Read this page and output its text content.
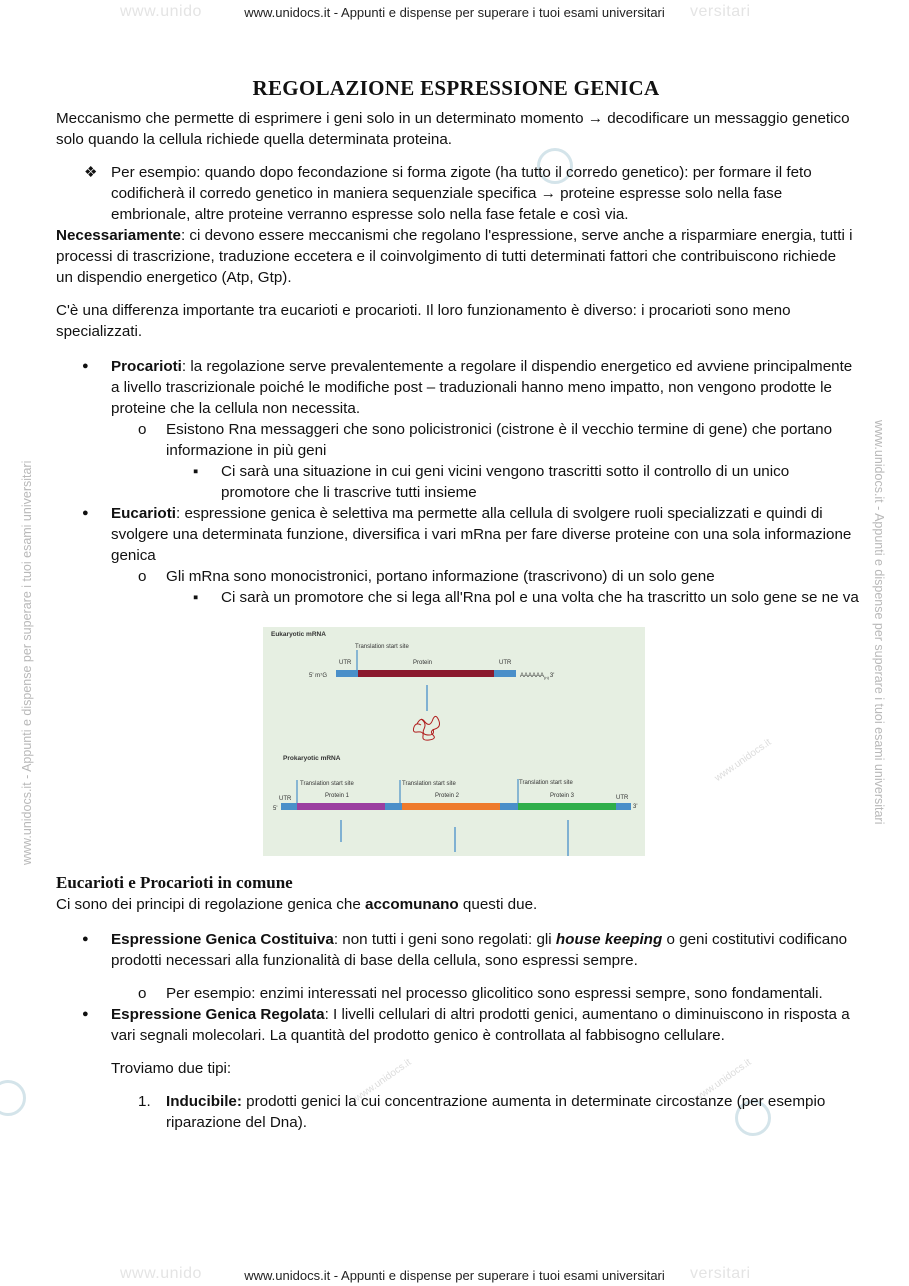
www.unido	versitari
www.unidocs.it - Appunti e dispense per superare i tuoi esami universitari
www.unido	versitari
www.unidocs.it - Appunti e dispense per superare i tuoi esami universitari
www.unidocs.it - Appunti e dispense per superare i tuoi esami universitari	www.unidocs.it - Appunti e dispense per superare i tuoi esami universitari
www.unidocs.it
www.unidocs.it
www.unidocs.it
REGOLAZIONE ESPRESSIONE GENICA

Meccanismo che permette di esprimere i geni solo in un determinato momento → decodificare un messaggio genetico solo quando la cellula richiede quella determinata proteina.

❖ Per esempio: quando dopo fecondazione si forma zigote (ha tutto il corredo genetico): per formare il feto codificherà il corredo genetico in maniera sequenziale specifica → proteine espresse solo nella fase embrionale, altre proteine verranno espresse solo nella fase fetale e così via.

Necessariamente: ci devono essere meccanismi che regolano l'espressione, serve anche a risparmiare energia, tutti i processi di trascrizione, traduzione eccetera e il coinvolgimento di tutti determinati fattori che contribuiscono richiede un dispendio energetico (Atp, Gtp).

C'è una differenza importante tra eucarioti e procarioti. Il loro funzionamento è diverso: i procarioti sono meno specializzati.

● Procarioti: la regolazione serve prevalentemente a regolare il dispendio energetico ed avviene principalmente a livello trascrizionale poiché le modifiche post – traduzionali hanno meno impatto, non vengono prodotte le proteine che la cellula non necessita.
o Esistono Rna messaggeri che sono policistronici (cistrone è il vecchio termine di gene) che portano informazione in più geni
▪ Ci sarà una situazione in cui geni vicini vengono trascritti sotto il controllo di un unico promotore che li trascrive tutti insieme
● Eucarioti: espressione genica è selettiva ma permette alla cellula di svolgere ruoli specializzati e quindi di svolgere una determinata funzione, diversifica i vari mRna per fare diverse proteine con una sola informazione genica
o Gli mRna sono monocistronici, portano informazione (trascrivono) di un solo gene
▪ Ci sarà un promotore che si lega all'Rna pol e una volta che ha trascritto un solo gene se ne va
Eukaryotic mRNA
Translation start site
UTR	Protein	UTR
5' m⁷G	$AAAAAA_{(n)}3'$
Prokaryotic mRNA
Translation start site	Translation start site	Translation start site
UTR	Protein 1	Protein 2	Protein 3	UTR
5'	3'
Eucarioti e Procarioti in comune

Ci sono dei principi di regolazione genica che accomunano questi due.

● Espressione Genica Costituiva: non tutti i geni sono regolati: gli house keeping o geni costitutivi codificano prodotti necessari alla funzionalità di base della cellula, sono espressi sempre.
o Per esempio: enzimi interessati nel processo glicolitico sono espressi sempre, sono fondamentali.
● Espressione Genica Regolata: I livelli cellulari di altri prodotti genici, aumentano o diminuiscono in risposta a vari segnali molecolari. La quantità del prodotto genico è controllata al fabbisogno cellulare.

Troviamo due tipi:

1. Inducibile: prodotti genici la cui concentrazione aumenta in determinate circostanze (per esempio riparazione del Dna).
